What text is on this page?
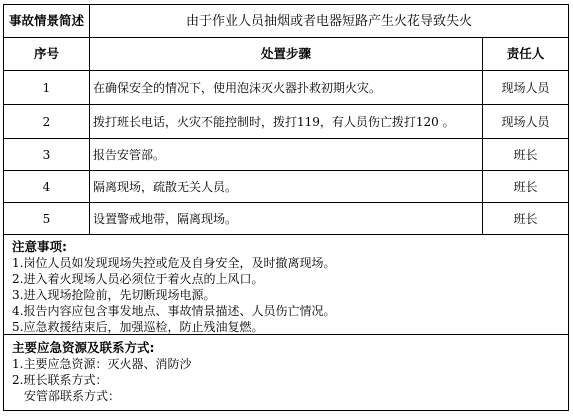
事故情景简述	由于作业人员抽烟或者电器短路产生火花导致失火
序号	处置步骤	责任人
1	在确保安全的情况下，使用泡沫灭火器扑救初期火灾。	现场人员
2	拨打班长电话，火灾不能控制时，拨打119，有人员伤亡拨打120 。	现场人员
3	报告安管部。	班长
4	隔离现场，疏散无关人员。	班长
5	设置警戒地带，隔离现场。	班长
注意事项:
1.岗位人员如发现现场失控或危及自身安全，及时撤离现场。
2.进入着火现场人员必须位于着火点的上风口。
3.进入现场抢险前，先切断现场电源。
4.报告内容应包含事发地点、事故情景描述、人员伤亡情况。
5.应急救援结束后，加强巡检，防止残油复燃。
主要应急资源及联系方式:
1.主要应急资源：灭火器、消防沙
2.班长联系方式：
安管部联系方式：
